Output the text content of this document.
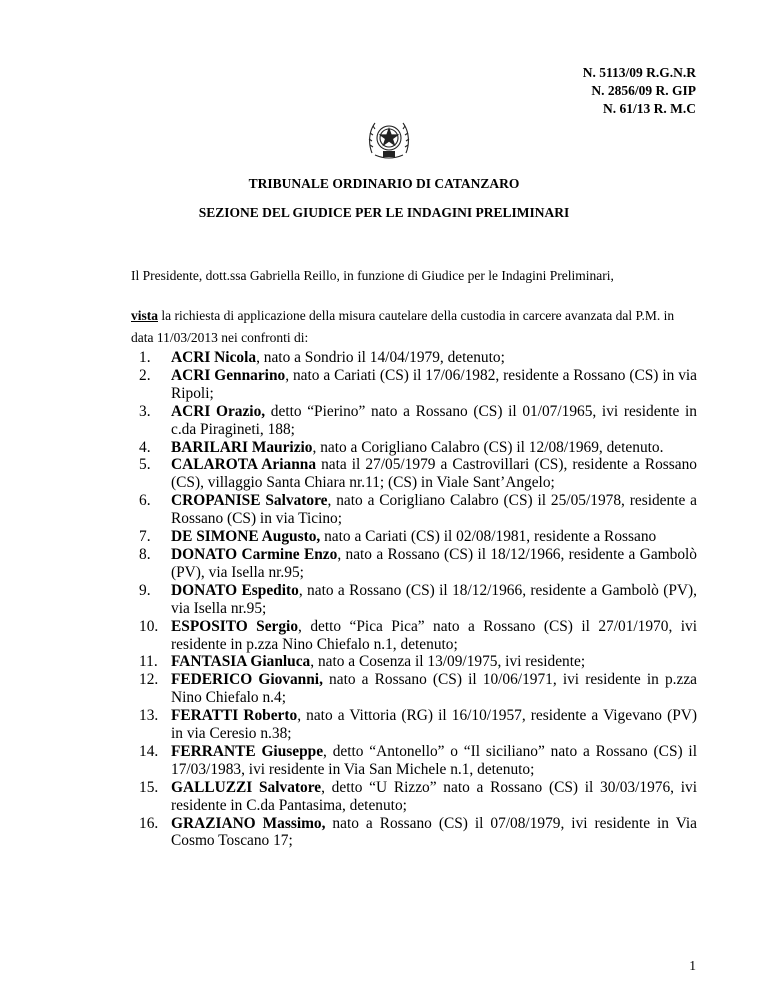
N. 5113/09 R.G.N.R
N. 2856/09 R. GIP
N. 61/13 R. M.C
TRIBUNALE ORDINARIO DI CATANZARO
SEZIONE DEL GIUDICE PER LE INDAGINI PRELIMINARI
Il Presidente, dott.ssa Gabriella Reillo, in funzione di Giudice per le Indagini Preliminari,
vista la richiesta di applicazione della misura cautelare della custodia in carcere avanzata dal P.M. in data 11/03/2013 nei confronti di:
1. ACRI Nicola, nato a Sondrio il 14/04/1979, detenuto;
2. ACRI Gennarino, nato a Cariati (CS) il 17/06/1982, residente a Rossano (CS) in via Ripoli;
3. ACRI Orazio, detto “Pierino” nato a Rossano (CS) il 01/07/1965, ivi residente in c.da Piragineti, 188;
4. BARILARI Maurizio, nato a Corigliano Calabro (CS) il 12/08/1969, detenuto.
5. CALAROTA Arianna nata il 27/05/1979 a Castrovillari (CS), residente a Rossano (CS), villaggio Santa Chiara nr.11; (CS) in Viale Sant’Angelo;
6. CROPANISE Salvatore, nato a Corigliano Calabro (CS) il 25/05/1978, residente a Rossano (CS) in via Ticino;
7. DE SIMONE Augusto, nato a Cariati (CS) il 02/08/1981, residente a Rossano
8. DONATO Carmine Enzo, nato a Rossano (CS) il 18/12/1966, residente a Gambolò (PV), via Isella nr.95;
9. DONATO Espedito, nato a Rossano (CS) il 18/12/1966, residente a Gambolò (PV), via Isella nr.95;
10. ESPOSITO Sergio, detto “Pica Pica” nato a Rossano (CS) il 27/01/1970, ivi residente in p.zza Nino Chiefalo n.1, detenuto;
11. FANTASIA Gianluca, nato a Cosenza il 13/09/1975, ivi residente;
12. FEDERICO Giovanni, nato a Rossano (CS) il 10/06/1971, ivi residente in p.zza Nino Chiefalo n.4;
13. FERATTI Roberto, nato a Vittoria (RG) il 16/10/1957, residente a Vigevano (PV) in via Ceresio n.38;
14. FERRANTE Giuseppe, detto “Antonello” o “Il siciliano” nato a Rossano (CS) il 17/03/1983, ivi residente in Via San Michele n.1, detenuto;
15. GALLUZZI Salvatore, detto “U Rizzo” nato a Rossano (CS) il 30/03/1976, ivi residente in C.da Pantasima, detenuto;
16. GRAZIANO Massimo, nato a Rossano (CS) il 07/08/1979, ivi residente in Via Cosmo Toscano 17;
1
